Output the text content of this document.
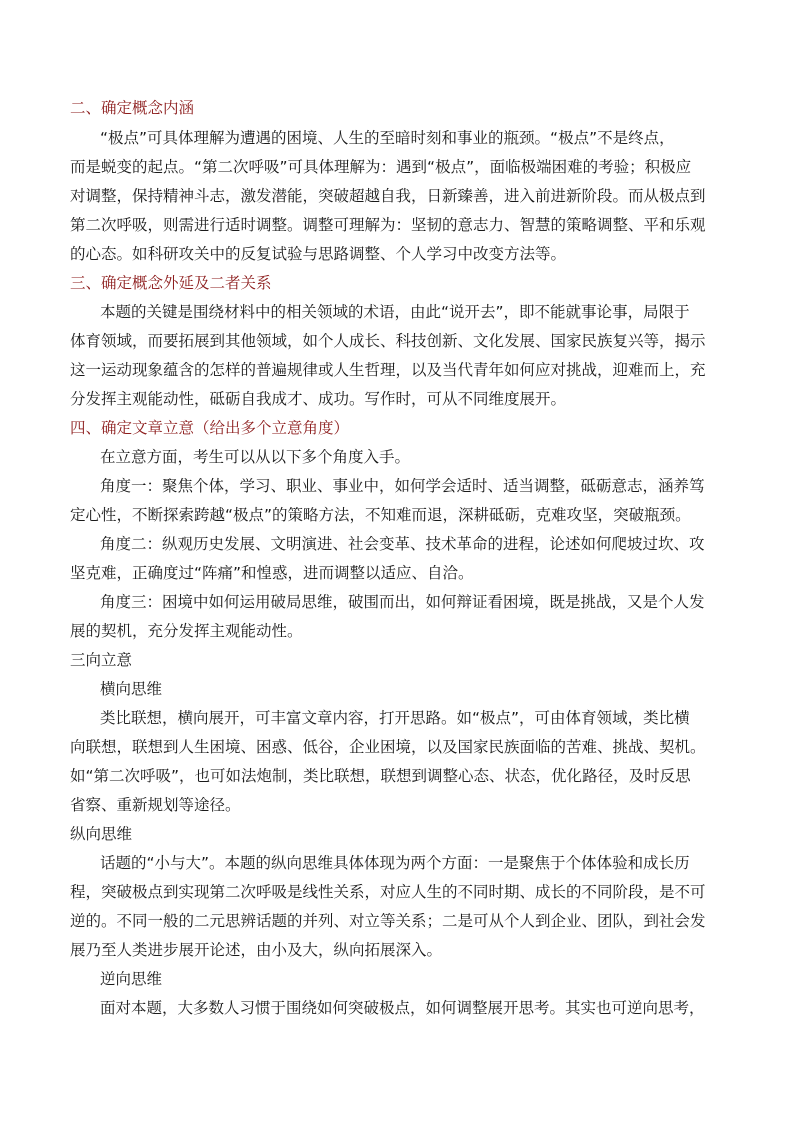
二、确定概念内涵
“极点”可具体理解为遭遇的困境、人生的至暗时刻和事业的瓶颈。“极点”不是终点，
而是蜕变的起点。“第二次呼吸”可具体理解为：遇到“极点”，面临极端困难的考验；积极应
对调整，保持精神斗志，激发潜能，突破超越自我，日新臻善，进入前进新阶段。而从极点到
第二次呼吸，则需进行适时调整。调整可理解为：坚韧的意志力、智慧的策略调整、平和乐观
的心态。如科研攻关中的反复试验与思路调整、个人学习中改变方法等。
三、确定概念外延及二者关系
本题的关键是围绕材料中的相关领域的术语，由此“说开去”，即不能就事论事，局限于
体育领域，而要拓展到其他领域，如个人成长、科技创新、文化发展、国家民族复兴等，揭示
这一运动现象蕴含的怎样的普遍规律或人生哲理，以及当代青年如何应对挑战，迎难而上，充
分发挥主观能动性，砥砺自我成才、成功。写作时，可从不同维度展开。
四、确定文章立意（给出多个立意角度）
在立意方面，考生可以从以下多个角度入手。
角度一：聚焦个体，学习、职业、事业中，如何学会适时、适当调整，砥砺意志，涵养笃
定心性，不断探索跨越“极点”的策略方法，不知难而退，深耕砥砺，克难攻坚，突破瓶颈。
角度二：纵观历史发展、文明演进、社会变革、技术革命的进程，论述如何爬坡过坎、攻
坚克难，正确度过“阵痛”和惶惑，进而调整以适应、自洽。
角度三：困境中如何运用破局思维，破围而出，如何辩证看困境，既是挑战，又是个人发
展的契机，充分发挥主观能动性。
三向立意
横向思维
类比联想，横向展开，可丰富文章内容，打开思路。如“极点”，可由体育领域，类比横
向联想，联想到人生困境、困惑、低谷，企业困境，以及国家民族面临的苦难、挑战、契机。
如“第二次呼吸”，也可如法炮制，类比联想，联想到调整心态、状态，优化路径，及时反思
省察、重新规划等途径。
纵向思维
话题的“小与大”。本题的纵向思维具体体现为两个方面：一是聚焦于个体体验和成长历
程，突破极点到实现第二次呼吸是线性关系，对应人生的不同时期、成长的不同阶段，是不可
逆的。不同一般的二元思辨话题的并列、对立等关系；二是可从个人到企业、团队，到社会发
展乃至人类进步展开论述，由小及大，纵向拓展深入。
逆向思维
面对本题，大多数人习惯于围绕如何突破极点，如何调整展开思考。其实也可逆向思考，
